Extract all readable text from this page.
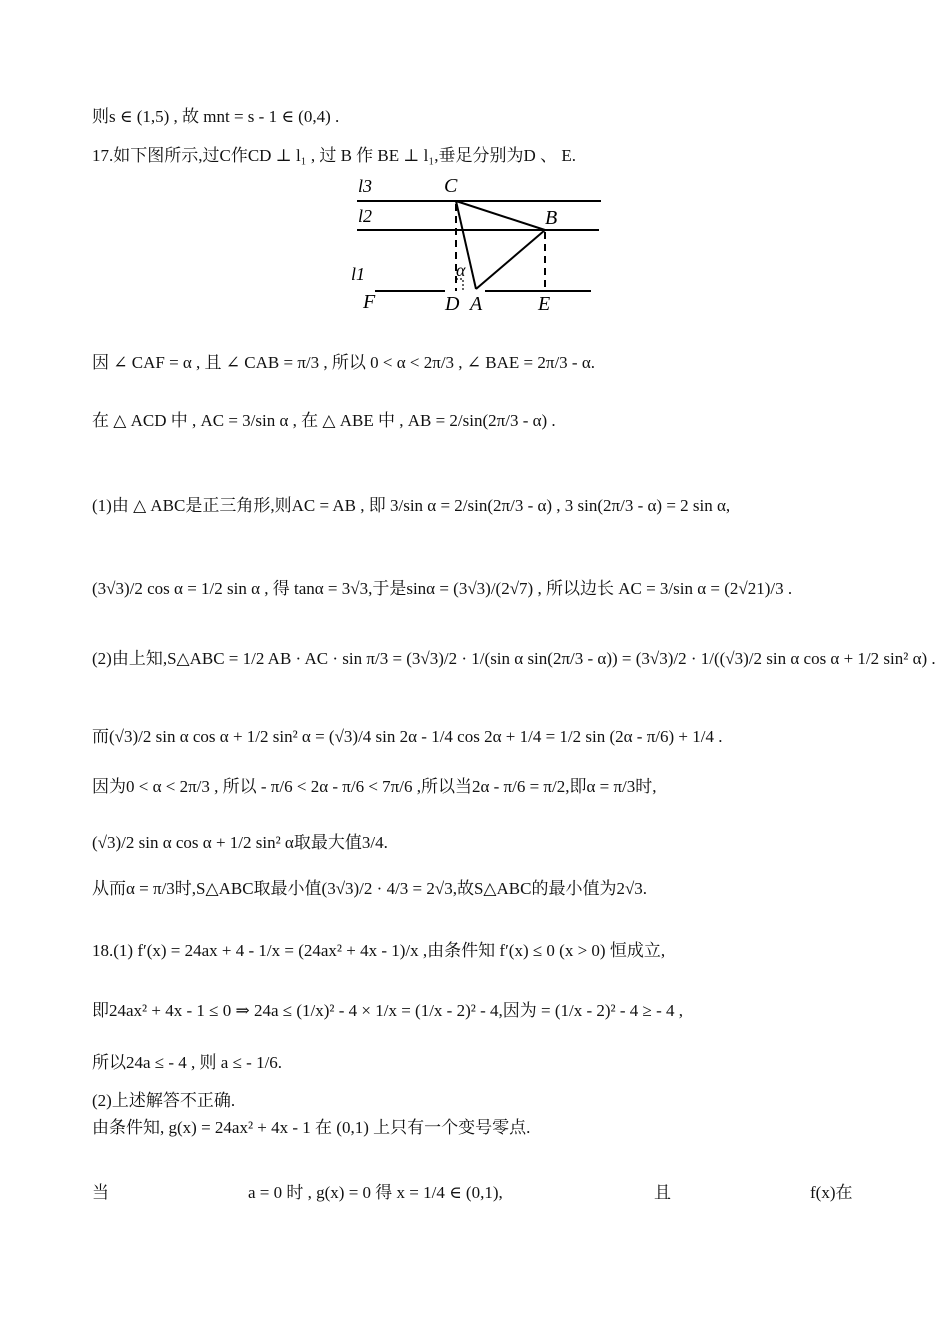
则s ∈ (1,5) , 故 mnt = s - 1 ∈ (0,4) .
17.如下图所示,过C作CD ⊥ l₁ , 过 B 作 BE ⊥ l₁,垂足分别为D 、 E.
l3
l2
l1
C
B
F	D A	E
α
因 ∠ CAF = α , 且 ∠ CAB = π/3 , 所以 0 < α < 2π/3 , ∠ BAE = 2π/3 - α.
在 △ ACD 中 , AC = 3/sin α , 在 △ ABE 中 , AB = 2/sin(2π/3 - α) .
(1)由 △ ABC是正三角形,则AC = AB , 即 3/sin α = 2/sin(2π/3 - α) , 3 sin(2π/3 - α) = 2 sin α,
(3√3)/2 cos α = 1/2 sin α , 得 tanα = 3√3,于是sinα = (3√3)/(2√7) , 所以边长 AC = 3/sin α = (2√21)/3 .
(2)由上知,S△ABC = 1/2 AB · AC · sin π/3 = (3√3)/2 · 1/(sin α sin(2π/3 - α)) = (3√3)/2 · 1/((√3)/2 sin α cos α + 1/2 sin² α) .
而(√3)/2 sin α cos α + 1/2 sin² α = (√3)/4 sin 2α - 1/4 cos 2α + 1/4 = 1/2 sin (2α - π/6) + 1/4 .
因为0 < α < 2π/3 , 所以 - π/6 < 2α - π/6 < 7π/6 ,所以当2α - π/6 = π/2,即α = π/3时,
(√3)/2 sin α cos α + 1/2 sin² α取最大值3/4.
从而α = π/3时,S△ABC取最小值(3√3)/2 · 4/3 = 2√3,故S△ABC的最小值为2√3.
18.(1) f′(x) = 24ax + 4 - 1/x = (24ax² + 4x - 1)/x ,由条件知 f′(x) ≤ 0 (x > 0) 恒成立,
即24ax² + 4x - 1 ≤ 0 ⇒ 24a ≤ (1/x)² - 4 × 1/x = (1/x - 2)² - 4,因为 = (1/x - 2)² - 4 ≥ - 4 ,
所以24a ≤ - 4 , 则 a ≤ - 1/6.
(2)上述解答不正确.
由条件知, g(x) = 24ax² + 4x - 1 在 (0,1) 上只有一个变号零点.
当	a = 0 时 , g(x) = 0 得 x = 1/4 ∈ (0,1),	且	f(x)在
